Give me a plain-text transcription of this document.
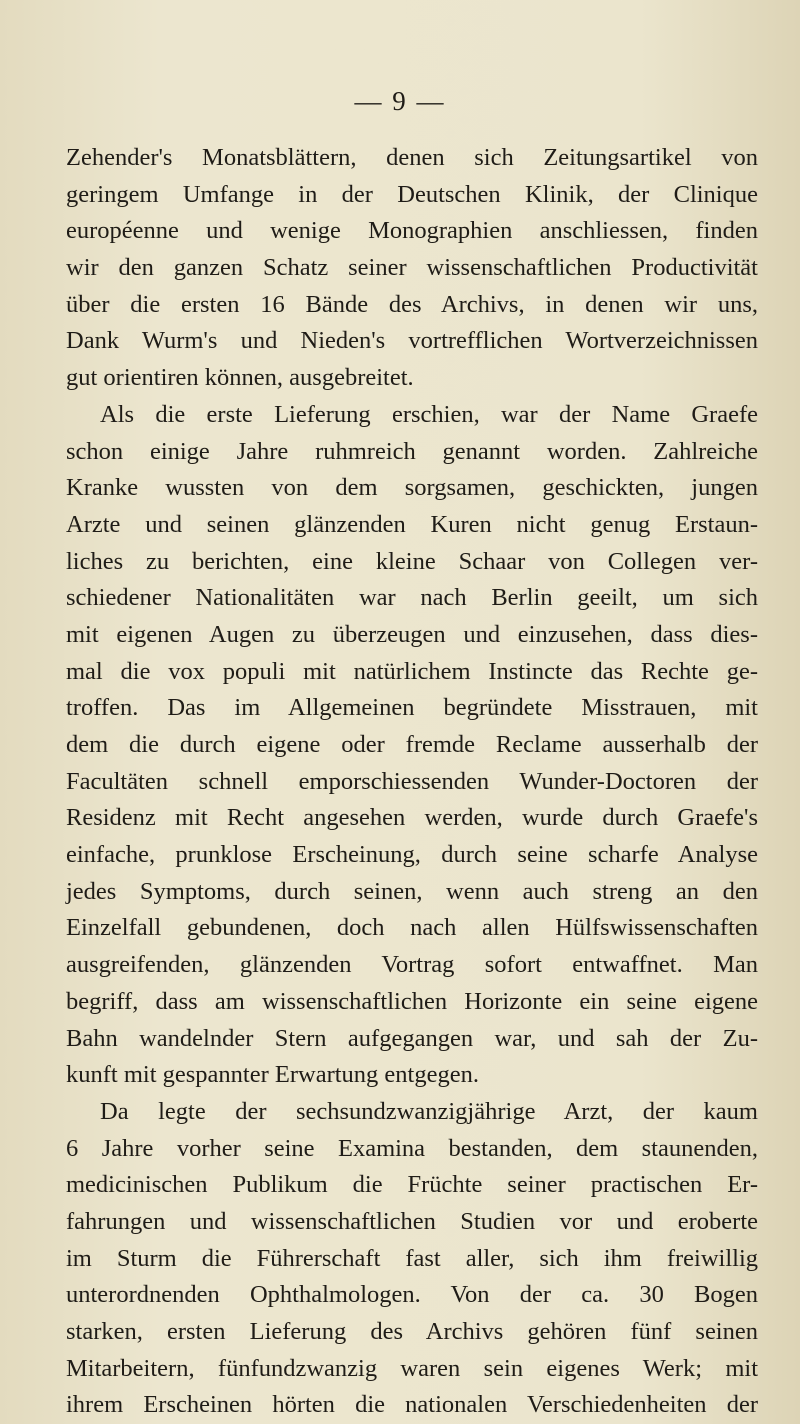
— 9 —

Zehender's Monatsblättern, denen sich Zeitungsartikel von
geringem Umfange in der Deutschen Klinik, der Clinique
européenne und wenige Monographien anschliessen, finden
wir den ganzen Schatz seiner wissenschaftlichen Productivität
über die ersten 16 Bände des Archivs, in denen wir uns,
Dank Wurm's und Nieden's vortrefflichen Wortverzeichnissen
gut orientiren können, ausgebreitet.

Als die erste Lieferung erschien, war der Name Graefe
schon einige Jahre ruhmreich genannt worden. Zahlreiche
Kranke wussten von dem sorgsamen, geschickten, jungen
Arzte und seinen glänzenden Kuren nicht genug Erstaun-
liches zu berichten, eine kleine Schaar von Collegen ver-
schiedener Nationalitäten war nach Berlin geeilt, um sich
mit eigenen Augen zu überzeugen und einzusehen, dass dies-
mal die vox populi mit natürlichem Instincte das Rechte ge-
troffen. Das im Allgemeinen begründete Misstrauen, mit
dem die durch eigene oder fremde Reclame ausserhalb der
Facultäten schnell emporschiessenden Wunder-Doctoren der
Residenz mit Recht angesehen werden, wurde durch Graefe's
einfache, prunklose Erscheinung, durch seine scharfe Analyse
jedes Symptoms, durch seinen, wenn auch streng an den
Einzelfall gebundenen, doch nach allen Hülfswissenschaften
ausgreifenden, glänzenden Vortrag sofort entwaffnet. Man
begriff, dass am wissenschaftlichen Horizonte ein seine eigene
Bahn wandelnder Stern aufgegangen war, und sah der Zu-
kunft mit gespannter Erwartung entgegen.

Da legte der sechsundzwanzigjährige Arzt, der kaum
6 Jahre vorher seine Examina bestanden, dem staunenden,
medicinischen Publikum die Früchte seiner practischen Er-
fahrungen und wissenschaftlichen Studien vor und eroberte
im Sturm die Führerschaft fast aller, sich ihm freiwillig
unterordnenden Ophthalmologen. Von der ca. 30 Bogen
starken, ersten Lieferung des Archivs gehören fünf seinen
Mitarbeitern, fünfundzwanzig waren sein eigenes Werk; mit
ihrem Erscheinen hörten die nationalen Verschiedenheiten der
